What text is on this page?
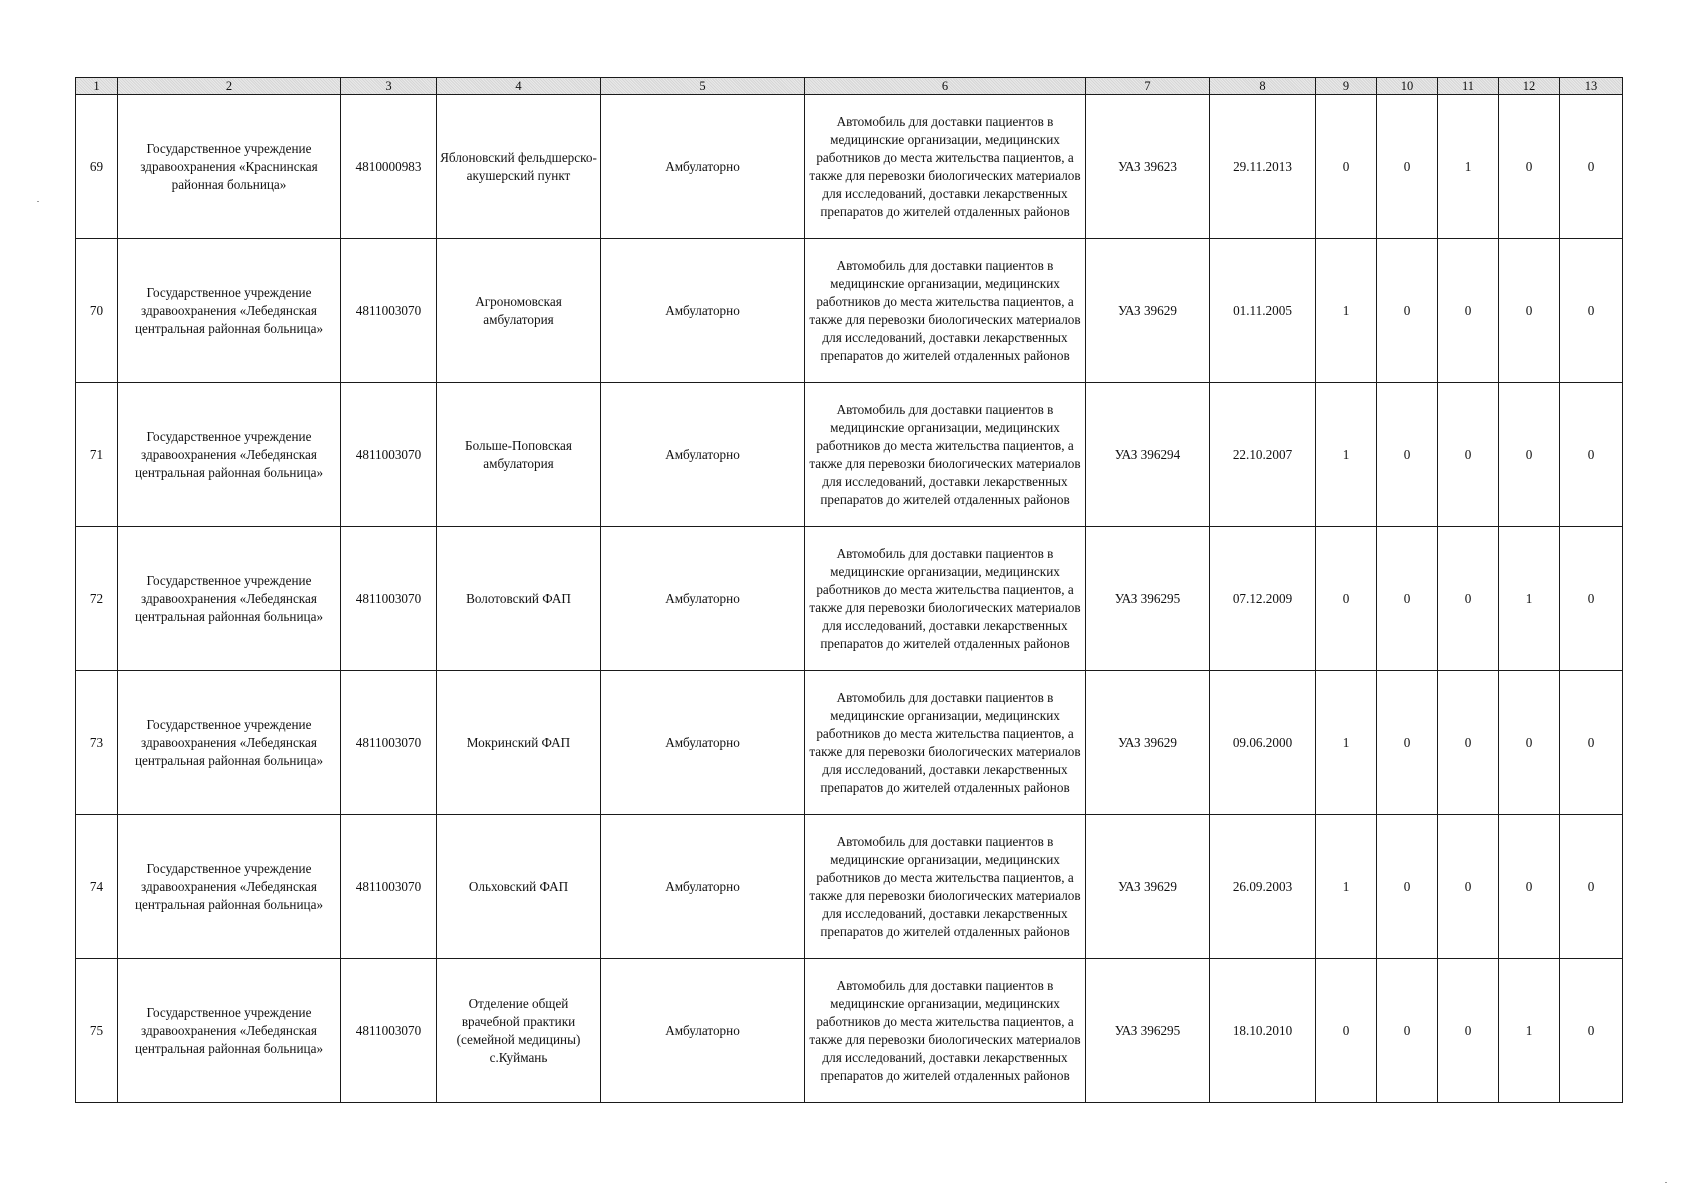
1	2	3	4	5	6	7	8	9	10	11	12	13
69	Государственное учреждение здравоохранения «Краснинская районная больница»	4810000983	Яблоновский фельдшерско-акушерский пункт	Амбулаторно	Автомобиль для доставки пациентов в медицинские организации, медицинских работников до места жительства пациентов, а также для перевозки биологических материалов для исследований, доставки лекарственных препаратов до жителей отдаленных районов	УАЗ 39623	29.11.2013	0	0	1	0	0
70	Государственное учреждение здравоохранения «Лебедянская центральная районная больница»	4811003070	Агрономовская амбулатория	Амбулаторно	Автомобиль для доставки пациентов в медицинские организации, медицинских работников до места жительства пациентов, а также для перевозки биологических материалов для исследований, доставки лекарственных препаратов до жителей отдаленных районов	УАЗ 39629	01.11.2005	1	0	0	0	0
71	Государственное учреждение здравоохранения «Лебедянская центральная районная больница»	4811003070	Больше-Поповская амбулатория	Амбулаторно	Автомобиль для доставки пациентов в медицинские организации, медицинских работников до места жительства пациентов, а также для перевозки биологических материалов для исследований, доставки лекарственных препаратов до жителей отдаленных районов	УАЗ 396294	22.10.2007	1	0	0	0	0
72	Государственное учреждение здравоохранения «Лебедянская центральная районная больница»	4811003070	Волотовский ФАП	Амбулаторно	Автомобиль для доставки пациентов в медицинские организации, медицинских работников до места жительства пациентов, а также для перевозки биологических материалов для исследований, доставки лекарственных препаратов до жителей отдаленных районов	УАЗ 396295	07.12.2009	0	0	0	1	0
73	Государственное учреждение здравоохранения «Лебедянская центральная районная больница»	4811003070	Мокринский ФАП	Амбулаторно	Автомобиль для доставки пациентов в медицинские организации, медицинских работников до места жительства пациентов, а также для перевозки биологических материалов для исследований, доставки лекарственных препаратов до жителей отдаленных районов	УАЗ 39629	09.06.2000	1	0	0	0	0
74	Государственное учреждение здравоохранения «Лебедянская центральная районная больница»	4811003070	Ольховский ФАП	Амбулаторно	Автомобиль для доставки пациентов в медицинские организации, медицинских работников до места жительства пациентов, а также для перевозки биологических материалов для исследований, доставки лекарственных препаратов до жителей отдаленных районов	УАЗ 39629	26.09.2003	1	0	0	0	0
75	Государственное учреждение здравоохранения «Лебедянская центральная районная больница»	4811003070	Отделение общей врачебной практики (семейной медицины) с.Куймань	Амбулаторно	Автомобиль для доставки пациентов в медицинские организации, медицинских работников до места жительства пациентов, а также для перевозки биологических материалов для исследований, доставки лекарственных препаратов до жителей отдаленных районов	УАЗ 396295	18.10.2010	0	0	0	1	0
